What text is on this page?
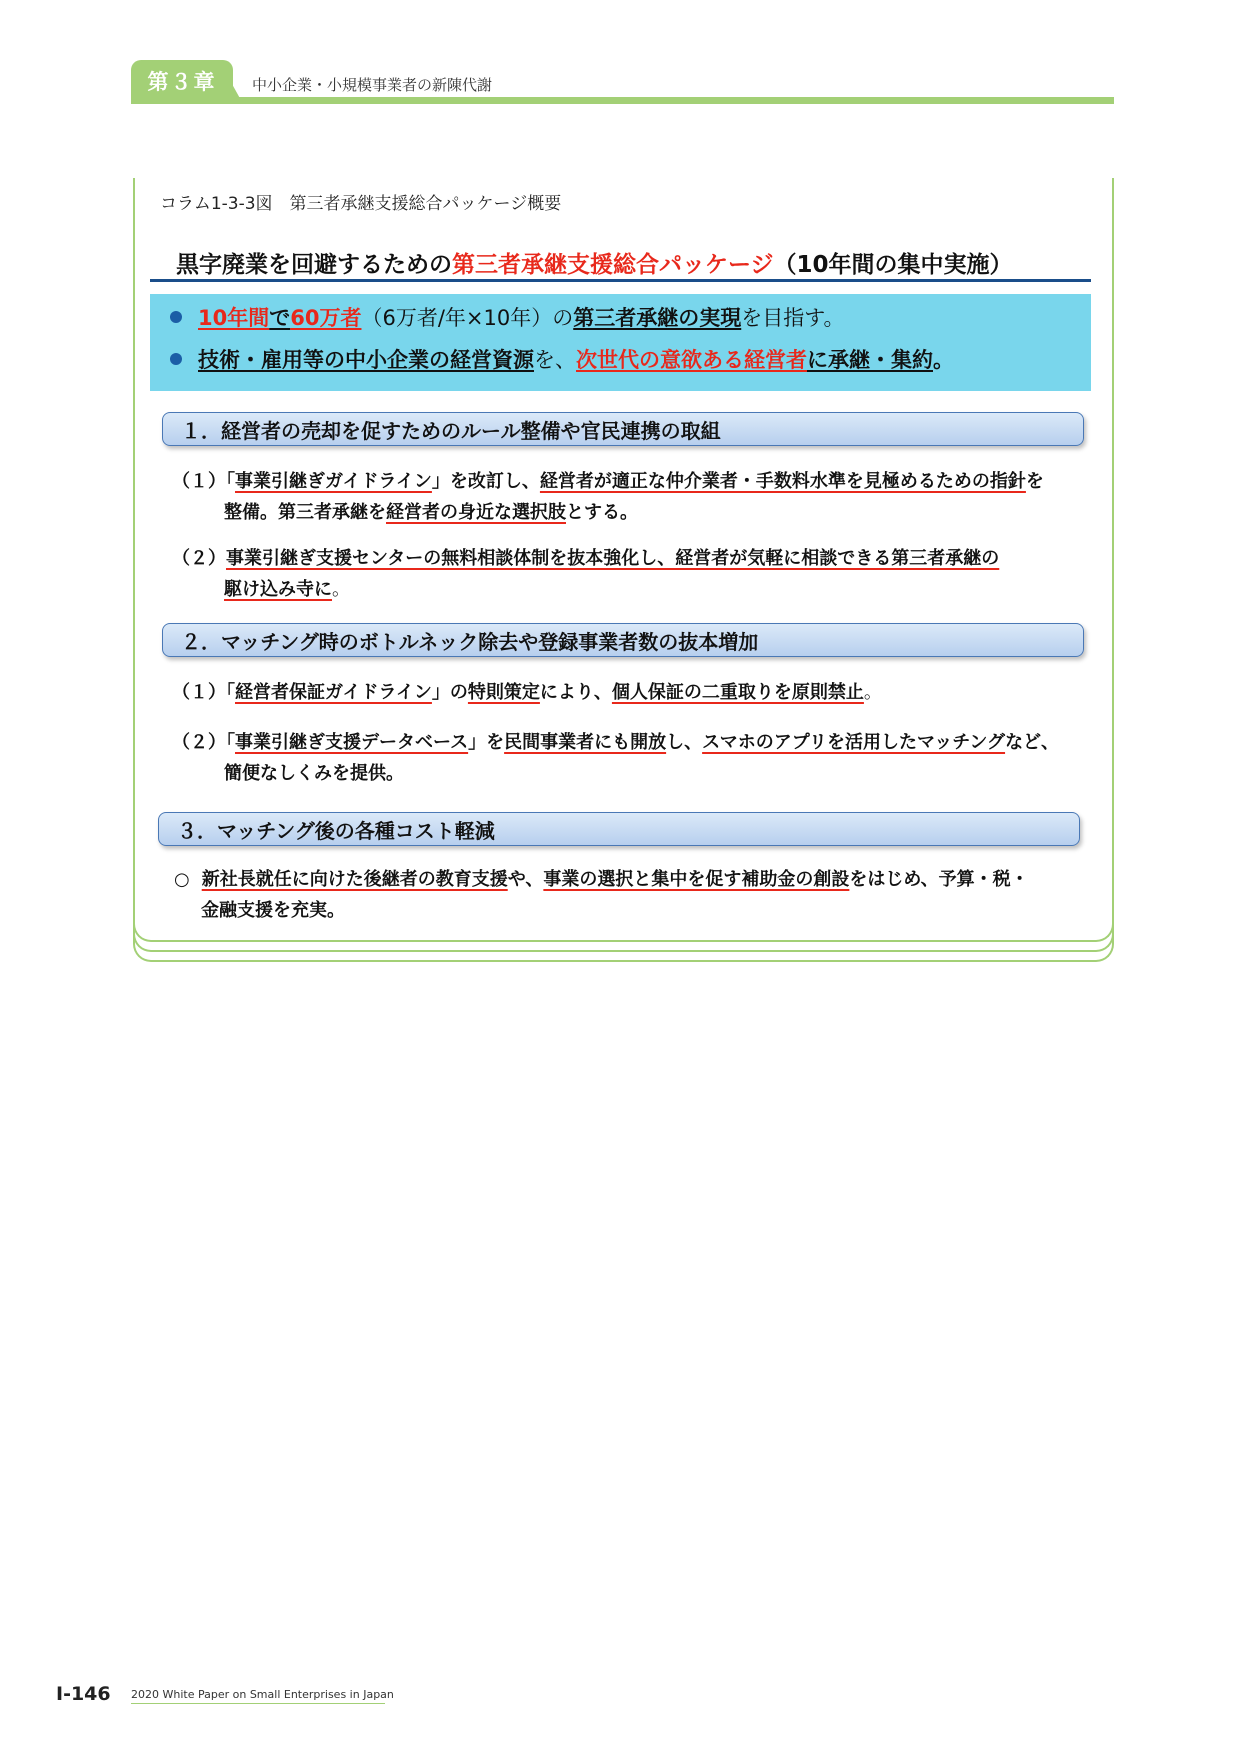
第３章	中小企業・小規模事業者の新陳代謝
コラム1-3-3図　第三者承継支援総合パッケージ概要
黒字廃業を回避するための第三者承継支援総合パッケージ（10年間の集中実施）
10年間で60万者（6万者/年×10年）の第三者承継の実現を目指す。
技術・雇用等の中小企業の経営資源を、次世代の意欲ある経営者に承継・集約。
１．経営者の売却を促すためのルール整備や官民連携の取組
（１）「事業引継ぎガイドライン」を改訂し、経営者が適正な仲介業者・手数料水準を見極めるための指針を
整備。第三者承継を経営者の身近な選択肢とする。
（２）事業引継ぎ支援センターの無料相談体制を抜本強化し、経営者が気軽に相談できる第三者承継の
駆け込み寺に。
２．マッチング時のボトルネック除去や登録事業者数の抜本増加
（１）「経営者保証ガイドライン」の特則策定により、個人保証の二重取りを原則禁止。
（２）「事業引継ぎ支援データベース」を民間事業者にも開放し、スマホのアプリを活用したマッチングなど、
簡便なしくみを提供。
３．マッチング後の各種コスト軽減
○ 新社長就任に向けた後継者の教育支援や、事業の選択と集中を促す補助金の創設をはじめ、予算・税・
金融支援を充実。
Ⅰ-146 2020 White Paper on Small Enterprises in Japan
